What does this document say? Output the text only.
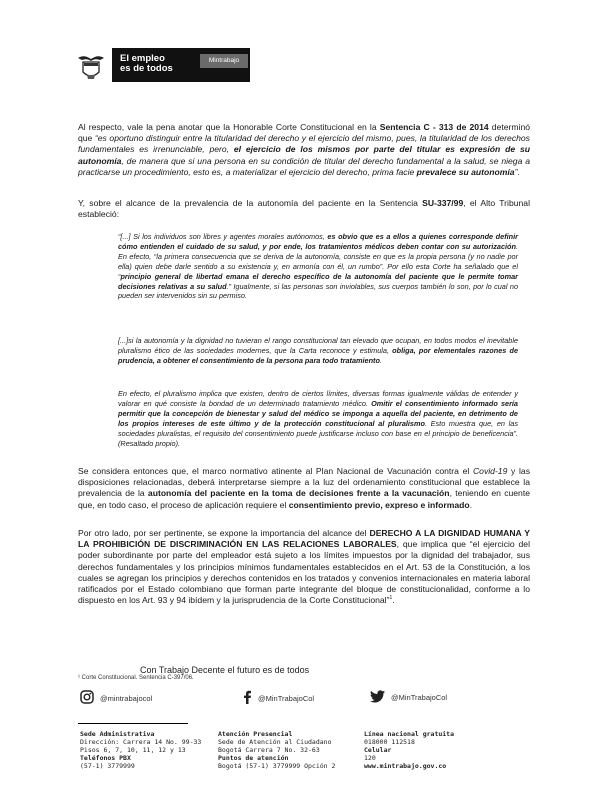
El empleo
es de todos
Mintrabajo
Al respecto, vale la pena anotar que la Honorable Corte Constitucional en la Sentencia C - 313 de 2014 determinó que “es oportuno distinguir entre la titularidad del derecho y el ejercicio del mismo, pues, la titularidad de los derechos fundamentales es irrenunciable, pero, el ejercicio de los mismos por parte del titular es expresión de su autonomía, de manera que si una persona en su condición de titular del derecho fundamental a la salud, se niega a practicarse un procedimiento, esto es, a materializar el ejercicio del derecho, prima facie prevalece su autonomía”.
Y, sobre el alcance de la prevalencia de la autonomía del paciente en la Sentencia SU-337/99, el Alto Tribunal estableció:
“[...] Si los individuos son libres y agentes morales autónomos, es obvio que es a ellos a quienes corresponde definir cómo entienden el cuidado de su salud, y por ende, los tratamientos médicos deben contar con su autorización. En efecto, “la primera consecuencia que se deriva de la autonomía, consiste en que es la propia persona (y no nadie por ella) quien debe darle sentido a su existencia y, en armonía con él, un rumbo”. Por ello esta Corte ha señalado que el “principio general de libertad emana el derecho específico de la autonomía del paciente que le permite tomar decisiones relativas a su salud.” Igualmente, si las personas son inviolables, sus cuerpos también lo son, por lo cual no pueden ser intervenidos sin su permiso.
[...]si la autonomía y la dignidad no tuvieran el rango constitucional tan elevado que ocupan, en todos modos el inevitable pluralismo ético de las sociedades modernes, que la Carta reconoce y estimula, obliga, por elementales razones de prudencia, a obtener el consentimiento de la persona para todo tratamiento.
En efecto, el pluralismo implica que existen, dentro de ciertos límites, diversas formas igualmente válidas de entender y valorar en qué consiste la bondad de un determinado tratamiento médico. Omitir el consentimiento informado sería permitir que la concepción de bienestar y salud del médico se imponga a aquella del paciente, en detrimento de los propios intereses de este último y de la protección constitucional al pluralismo. Esto muestra que, en las sociedades pluralistas, el requisito del consentimiento puede justificarse incluso con base en el principio de beneficencia”. (Resaltado propio).
Se considera entonces que, el marco normativo atinente al Plan Nacional de Vacunación contra el Covid-19 y las disposiciones relacionadas, deberá interpretarse siempre a la luz del ordenamiento constitucional que establece la prevalencia de la autonomía del paciente en la toma de decisiones frente a la vacunación, teniendo en cuente que, en todo caso, el proceso de aplicación requiere el consentimiento previo, expreso e informado.
Por otro lado, por ser pertinente, se expone la importancia del alcance del DERECHO A LA DIGNIDAD HUMANA Y LA PROHIBICIÓN DE DISCRIMINACIÓN EN LAS RELACIONES LABORALES, que implica que “el ejercicio del poder subordinante por parte del empleador está sujeto a los límites impuestos por la dignidad del trabajador, sus derechos fundamentales y los principios mínimos fundamentales establecidos en el Art. 53 de la Constitución, a los cuales se agregan los principios y derechos contenidos en los tratados y convenios internacionales en materia laboral ratificados por el Estado colombiano que forman parte integrante del bloque de constitucionalidad, conforme a lo dispuesto en los Art. 93 y 94 ibídem y la jurisprudencia de la Corte Constitucional”$^1$.
Con Trabajo Decente el futuro es de todos
¹ Corte Constitucional. Sentencia C-397/06.
@mintrabajocol	@MinTrabajoCol	@MinTrabajoCol
Sede Administrativa
Dirección: Carrera 14 No. 99-33
Pisos 6, 7, 10, 11, 12 y 13
Teléfonos PBX
(57-1) 3779999
Atención Presencial
Sede de Atención al Ciudadano
Bogotá Carrera 7 No. 32-63
Puntos de atención
Bogotá (57-1) 3779999 Opción 2
Línea nacional gratuita
018000 112518
Celular
120
www.mintrabajo.gov.co
